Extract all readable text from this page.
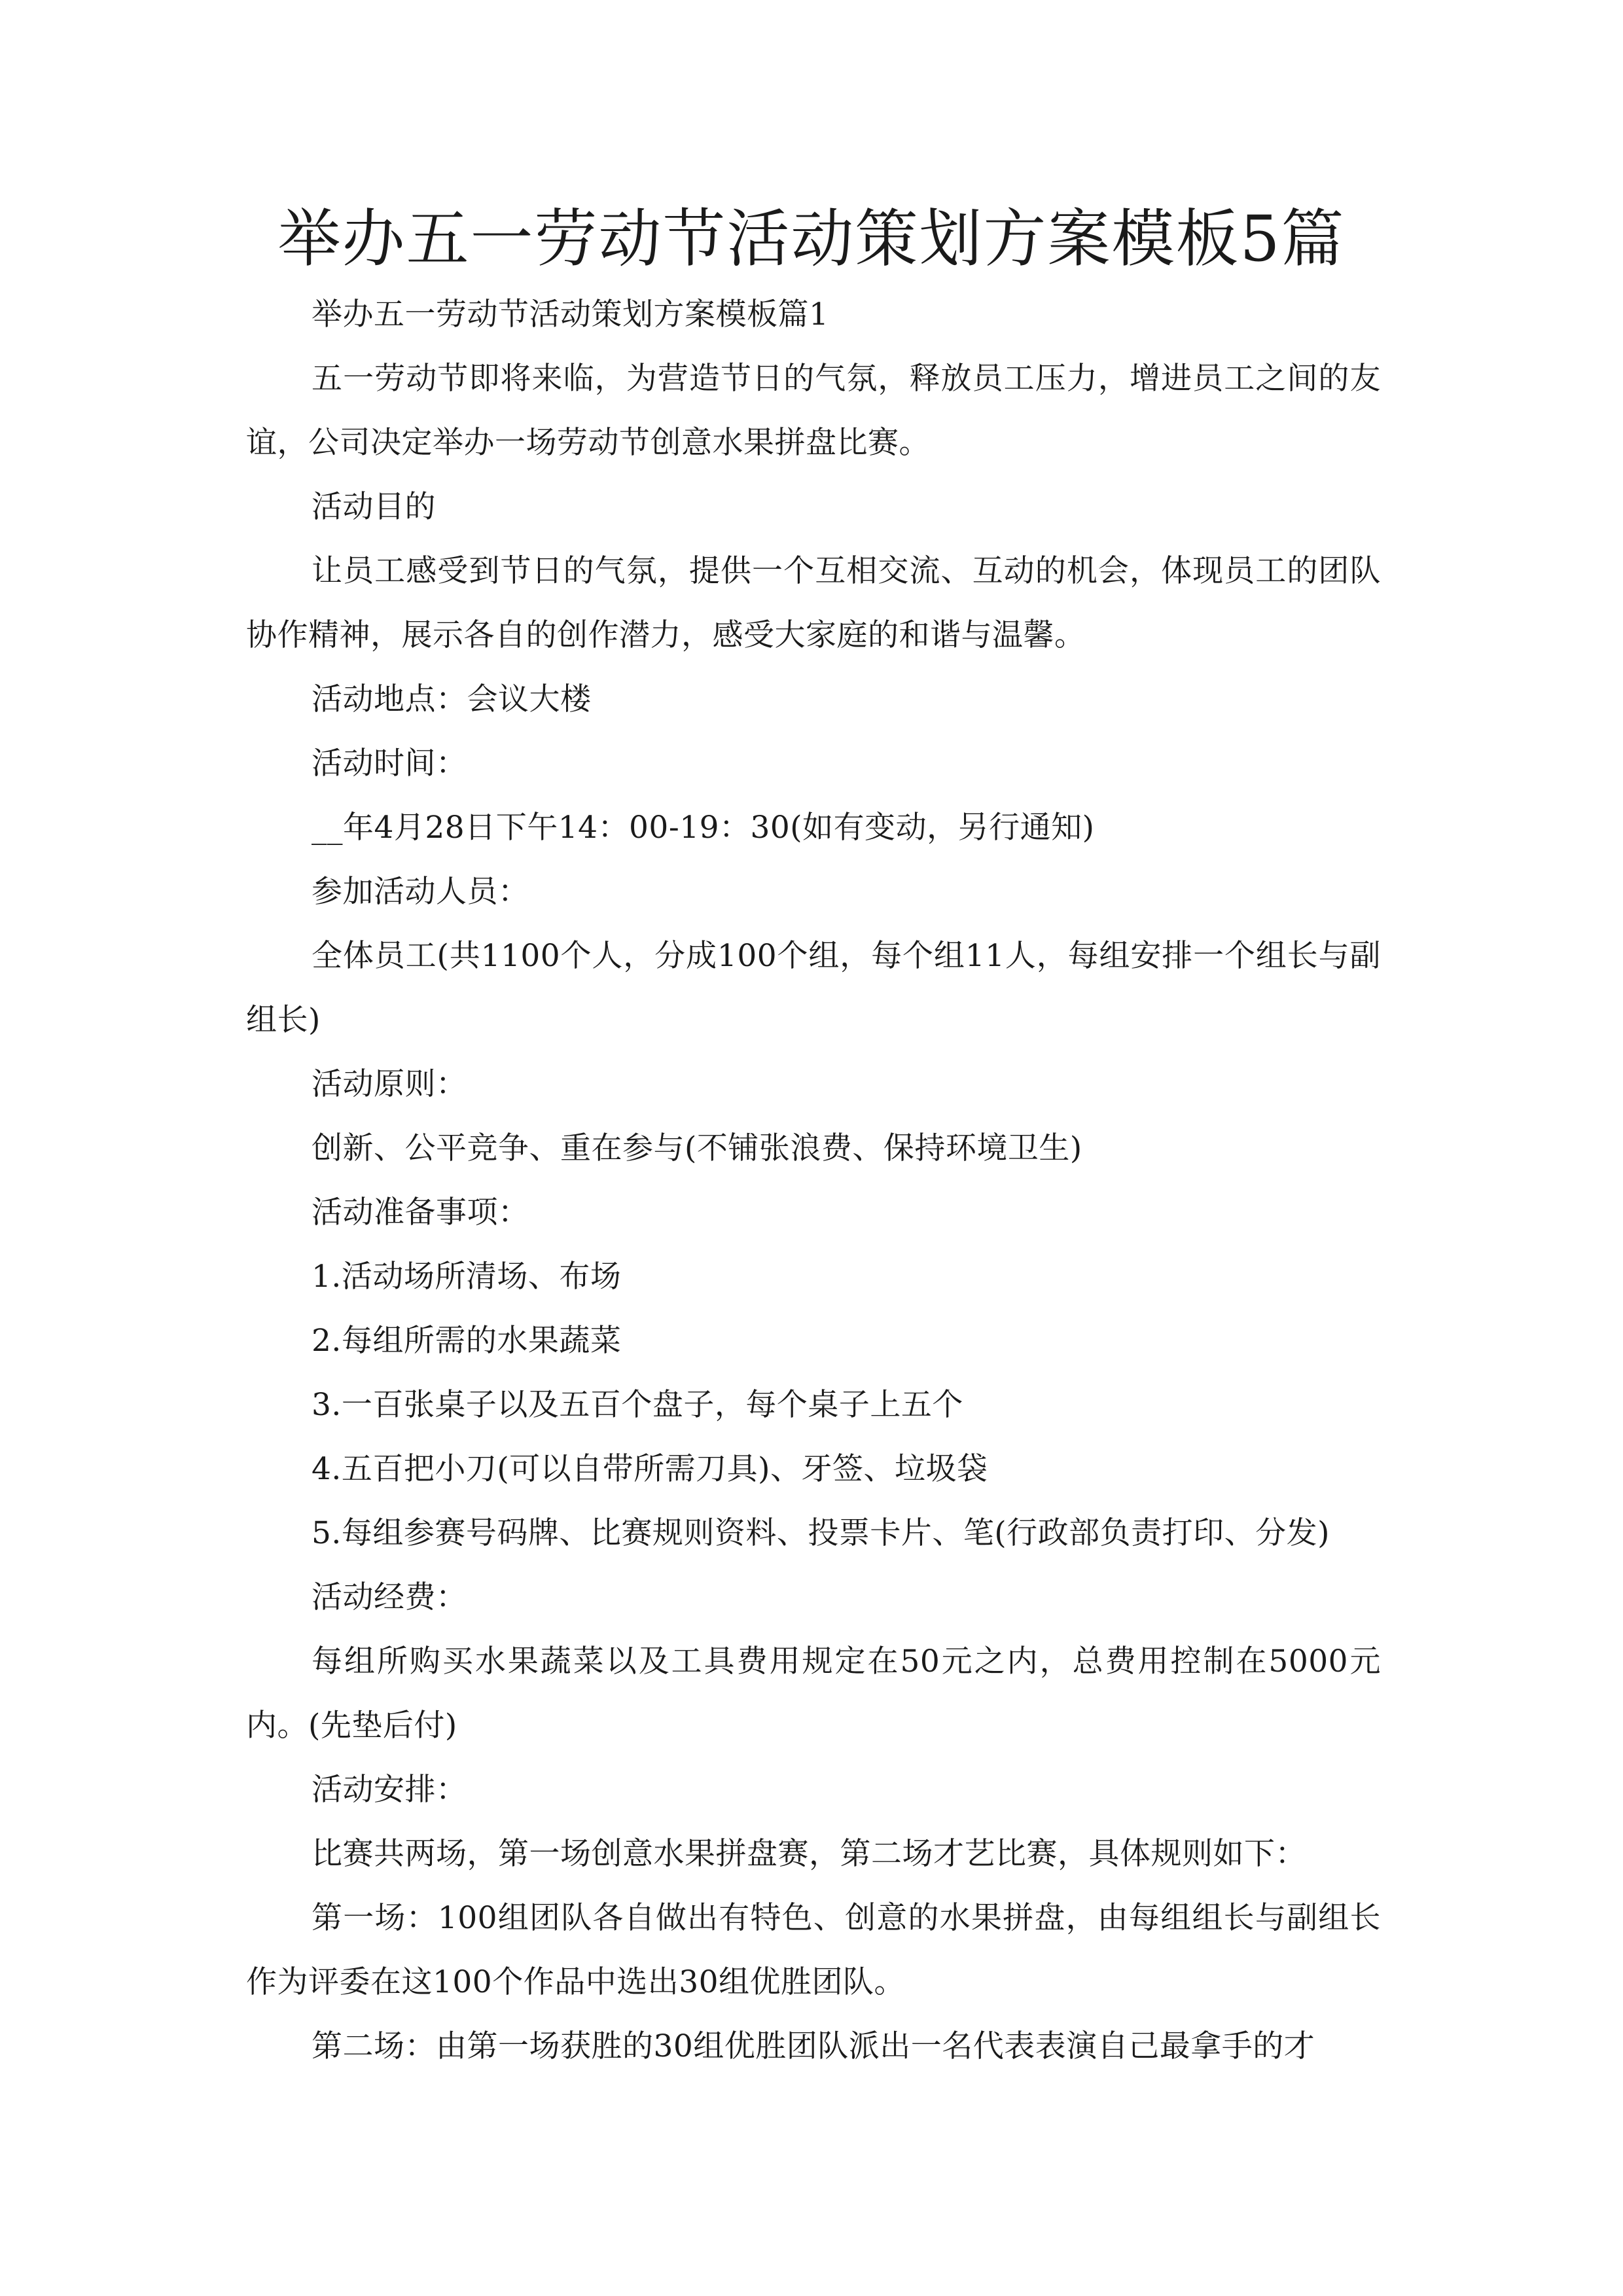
举办五一劳动节活动策划方案模板5篇

举办五一劳动节活动策划方案模板篇1

五一劳动节即将来临，为营造节日的气氛，释放员工压力，增进员工之间的友谊，公司决定举办一场劳动节创意水果拼盘比赛。

活动目的

让员工感受到节日的气氛，提供一个互相交流、互动的机会，体现员工的团队协作精神，展示各自的创作潜力，感受大家庭的和谐与温馨。

活动地点：会议大楼

活动时间：

__年4月28日下午14：00-19：30(如有变动，另行通知)

参加活动人员：

全体员工(共1100个人，分成100个组，每个组11人，每组安排一个组长与副组长)

活动原则：

创新、公平竞争、重在参与(不铺张浪费、保持环境卫生)

活动准备事项：

1.活动场所清场、布场

2.每组所需的水果蔬菜

3.一百张桌子以及五百个盘子，每个桌子上五个

4.五百把小刀(可以自带所需刀具)、牙签、垃圾袋

5.每组参赛号码牌、比赛规则资料、投票卡片、笔(行政部负责打印、分发)

活动经费：

每组所购买水果蔬菜以及工具费用规定在50元之内，总费用控制在5000元内。(先垫后付)

活动安排：

比赛共两场，第一场创意水果拼盘赛，第二场才艺比赛，具体规则如下：

第一场：100组团队各自做出有特色、创意的水果拼盘，由每组组长与副组长作为评委在这100个作品中选出30组优胜团队。

第二场：由第一场获胜的30组优胜团队派出一名代表表演自己最拿手的才
